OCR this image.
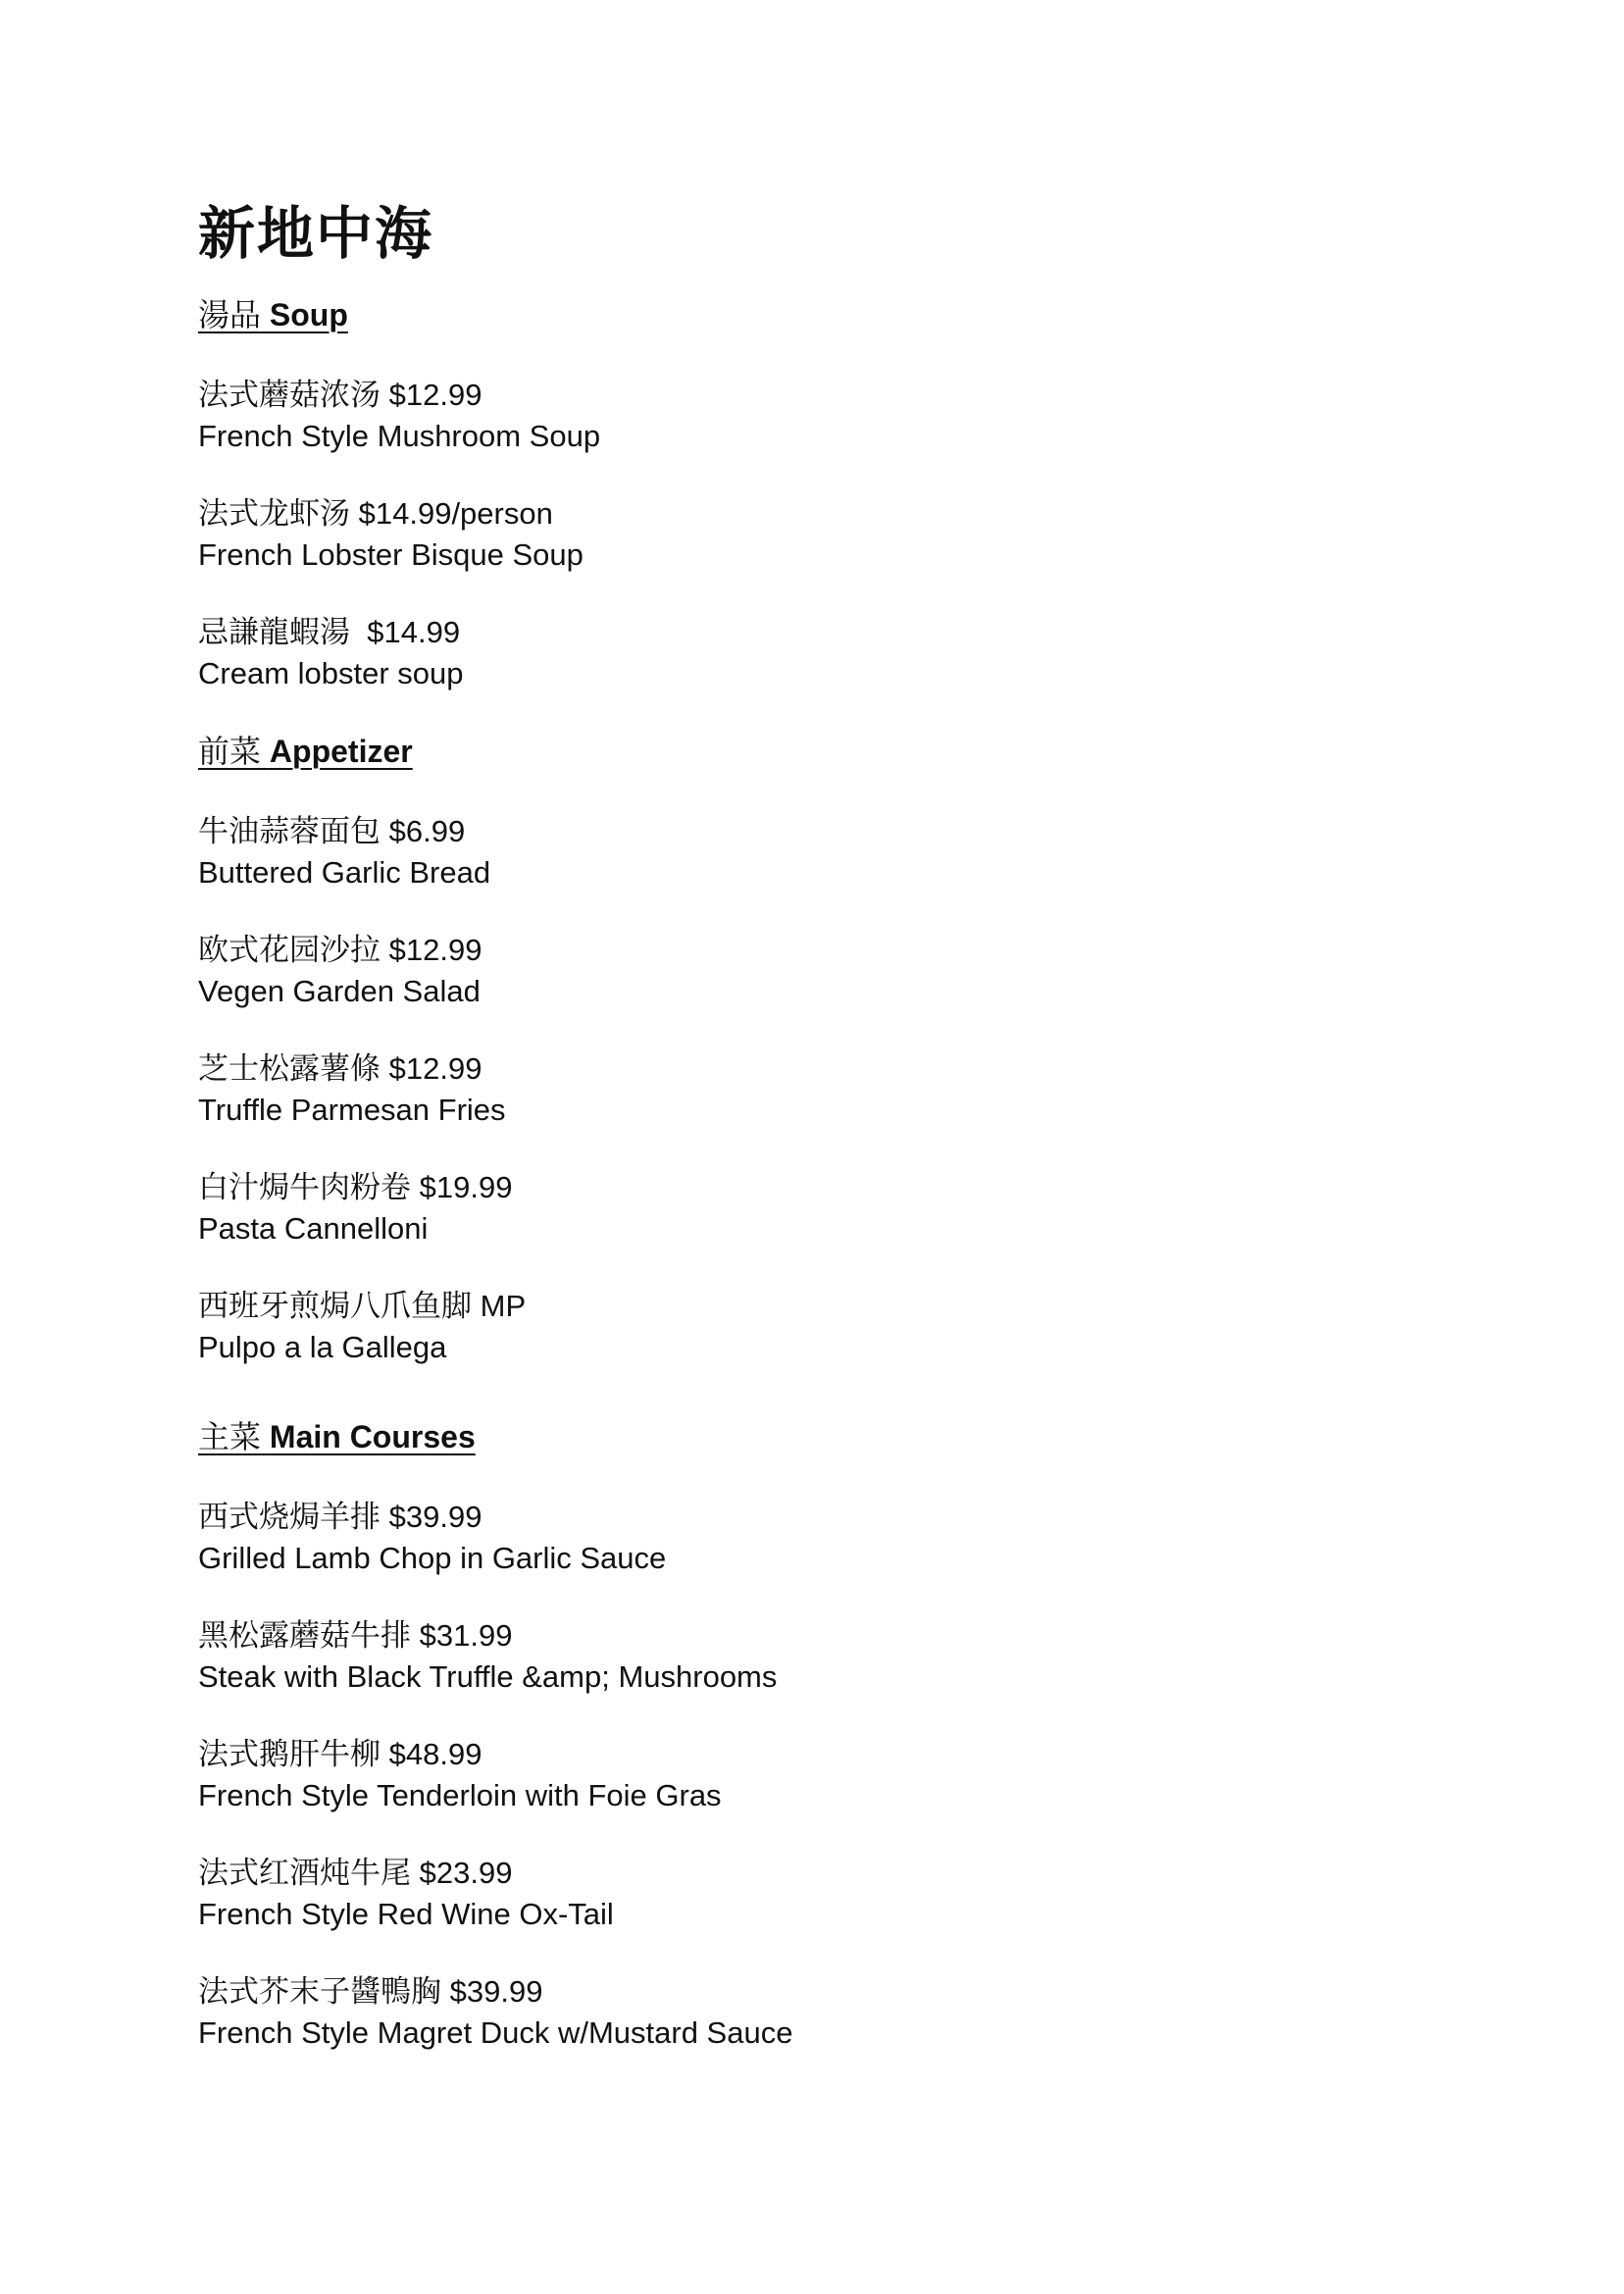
新地中海
湯品 Soup
法式蘑菇浓汤 $12.99
French Style Mushroom Soup
法式龙虾汤 $14.99/person
French Lobster Bisque Soup
忌謙龍蝦湯  $14.99
Cream lobster soup
前菜 Appetizer
牛油蒜蓉面包 $6.99
Buttered Garlic Bread
欧式花园沙拉 $12.99
Vegen Garden Salad
芝士松露薯條 $12.99
Truffle Parmesan Fries
白汁焗牛肉粉卷 $19.99
Pasta Cannelloni
西班牙煎焗八爪鱼脚 MP
Pulpo a la Gallega
主菜 Main Courses
西式烧焗羊排 $39.99
Grilled Lamb Chop in Garlic Sauce
黑松露蘑菇牛排 $31.99
Steak with Black Truffle &amp; Mushrooms
法式鹅肝牛柳 $48.99
French Style Tenderloin with Foie Gras
法式红酒炖牛尾 $23.99
French Style Red Wine Ox-Tail
法式芥末子醬鴨胸 $39.99
French Style Magret Duck w/Mustard Sauce
